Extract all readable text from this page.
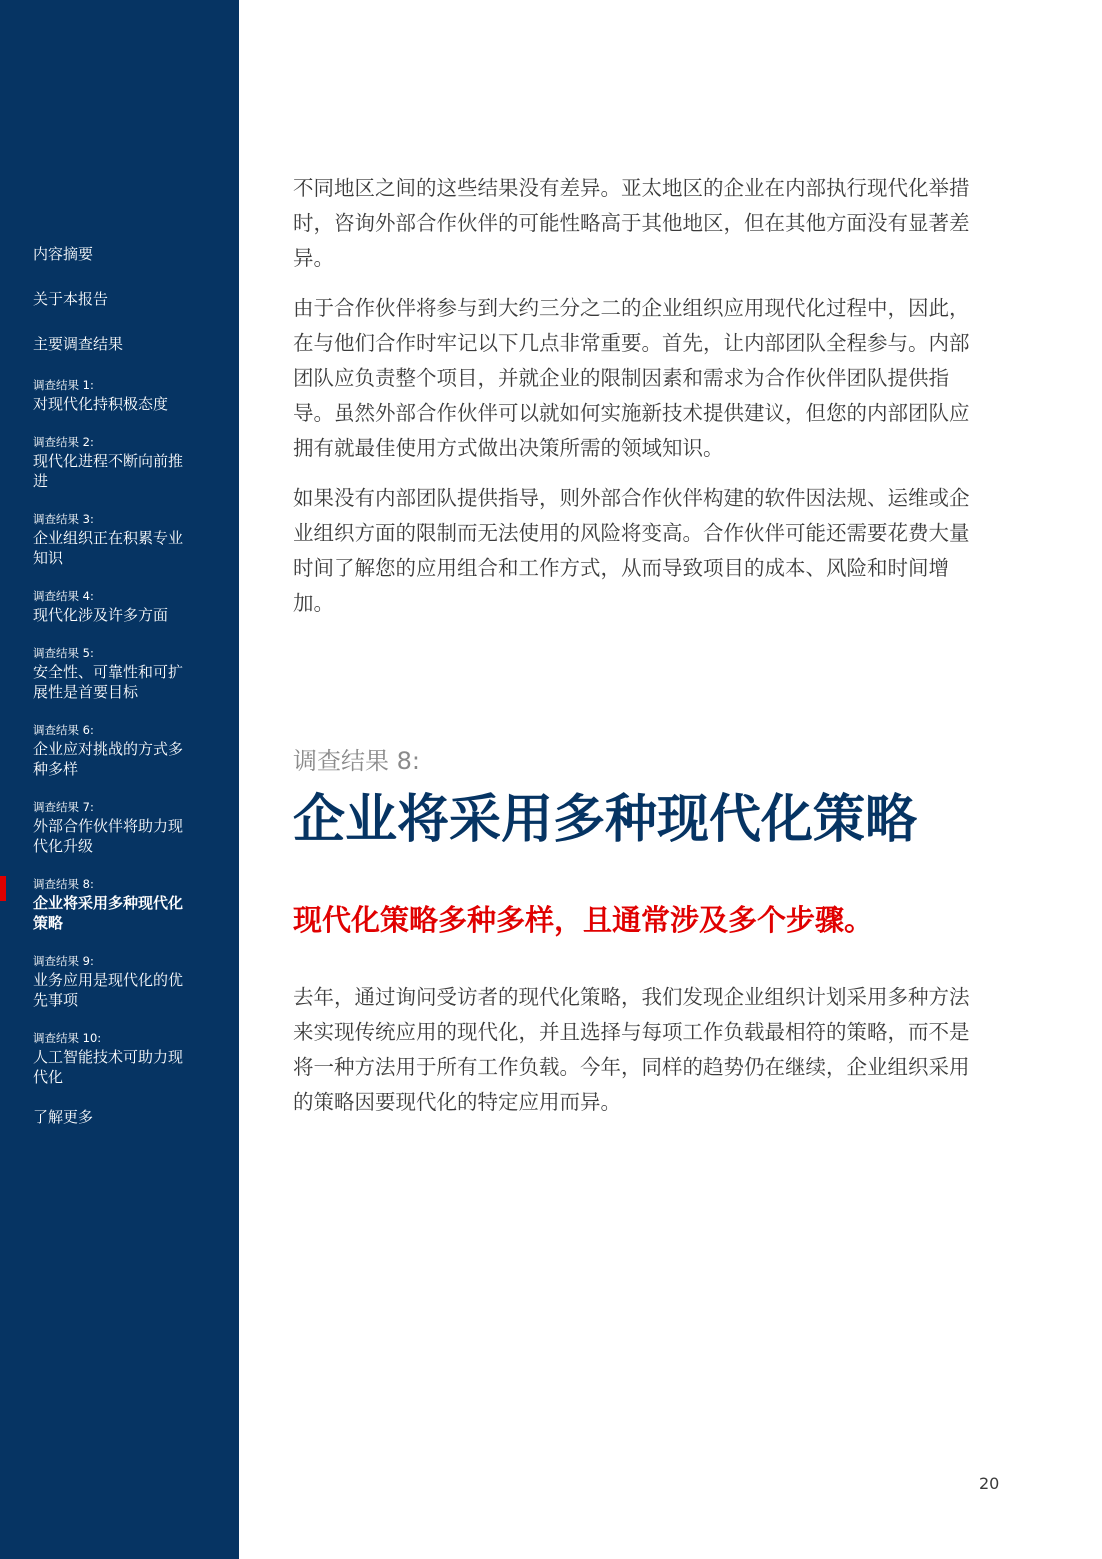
内容摘要
关于本报告
主要调查结果
调查结果 1:
对现代化持积极态度
调查结果 2:
现代化进程不断向前推进
调查结果 3:
企业组织正在积累专业知识
调查结果 4:
现代化涉及许多方面
调查结果 5:
安全性、可靠性和可扩展性是首要目标
调查结果 6:
企业应对挑战的方式多种多样
调查结果 7:
外部合作伙伴将助力现代化升级
调查结果 8:
企业将采用多种现代化策略
调查结果 9:
业务应用是现代化的优先事项
调查结果 10:
人工智能技术可助力现代化
了解更多

不同地区之间的这些结果没有差异。亚太地区的企业在内部执行现代化举措时，咨询外部合作伙伴的可能性略高于其他地区，但在其他方面没有显著差异。

由于合作伙伴将参与到大约三分之二的企业组织应用现代化过程中，因此，在与他们合作时牢记以下几点非常重要。首先，让内部团队全程参与。内部团队应负责整个项目，并就企业的限制因素和需求为合作伙伴团队提供指导。虽然外部合作伙伴可以就如何实施新技术提供建议，但您的内部团队应拥有就最佳使用方式做出决策所需的领域知识。

如果没有内部团队提供指导，则外部合作伙伴构建的软件因法规、运维或企业组织方面的限制而无法使用的风险将变高。合作伙伴可能还需要花费大量时间了解您的应用组合和工作方式，从而导致项目的成本、风险和时间增加。

调查结果 8:
企业将采用多种现代化策略
现代化策略多种多样，且通常涉及多个步骤。

去年，通过询问受访者的现代化策略，我们发现企业组织计划采用多种方法来实现传统应用的现代化，并且选择与每项工作负载最相符的策略，而不是将一种方法用于所有工作负载。今年，同样的趋势仍在继续，企业组织采用的策略因要现代化的特定应用而异。

20
